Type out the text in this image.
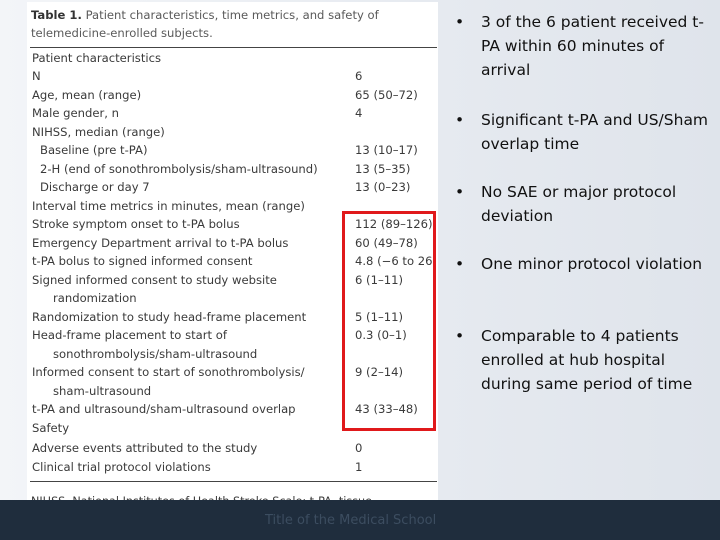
Table 1. Patient characteristics, time metrics, and safety of telemedicine-enrolled subjects.
Patient characteristics
N	6
Age, mean (range)	65 (50–72)
Male gender, n	4
NIHSS, median (range)
Baseline (pre t-PA)	13 (10–17)
2-H (end of sonothrombolysis/sham-ultrasound)	13 (5–35)
Discharge or day 7	13 (0–23)
Interval time metrics in minutes, mean (range)
Stroke symptom onset to t-PA bolus	112 (89–126)
Emergency Department arrival to t-PA bolus	60 (49–78)
t-PA bolus to signed informed consent	4.8 (−6 to 26)
Signed informed consent to study website	6 (1–11)
randomization
Randomization to study head-frame placement	5 (1–11)
Head-frame placement to start of	0.3 (0–1)
sonothrombolysis/sham-ultrasound
Informed consent to start of sonothrombolysis/	9 (2–14)
sham-ultrasound
t-PA and ultrasound/sham-ultrasound overlap	43 (33–48)
Safety
Adverse events attributed to the study	0
Clinical trial protocol violations	1
• 3 of the 6 patient received t-PA within 60 minutes of arrival
• Significant t-PA and US/Sham overlap time
• No SAE or major protocol deviation
• One minor protocol violation
• Comparable to 4 patients enrolled at hub hospital during same period of time
Title of the Medical School
